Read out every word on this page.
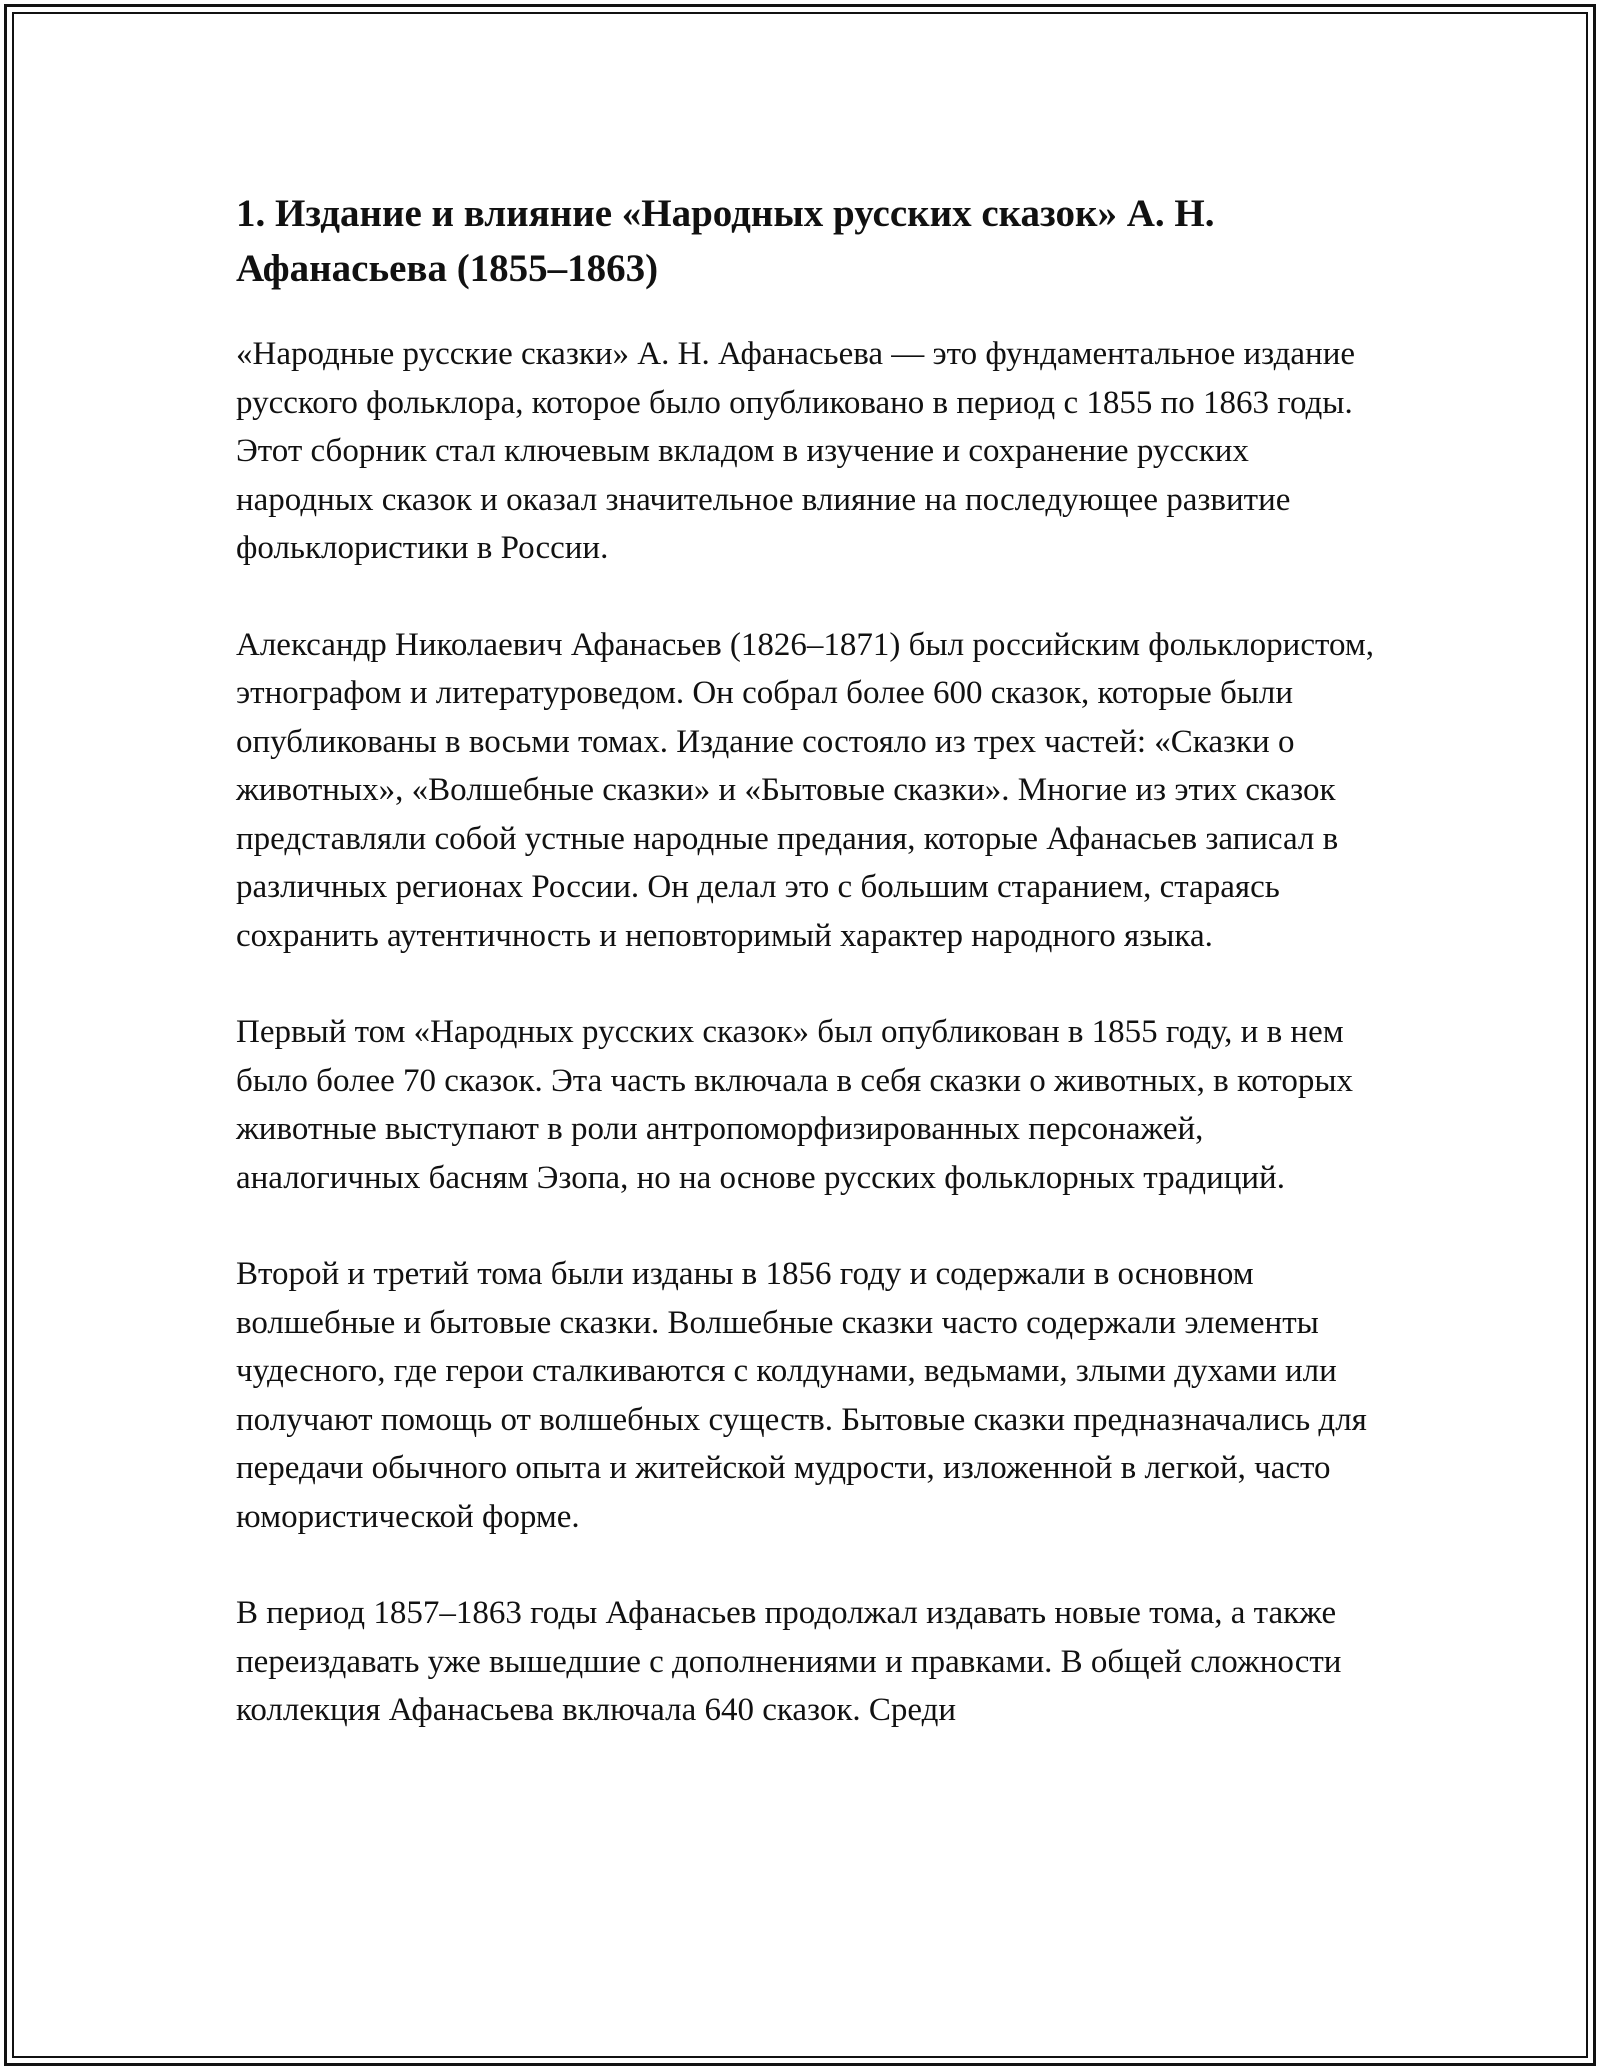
1. Издание и влияние «Народных русских сказок» А. Н. Афанасьева (1855–1863)

«Народные русские сказки» А. Н. Афанасьева — это фундаментальное издание русского фольклора, которое было опубликовано в период с 1855 по 1863 годы. Этот сборник стал ключевым вкладом в изучение и сохранение русских народных сказок и оказал значительное влияние на последующее развитие фольклористики в России.

Александр Николаевич Афанасьев (1826–1871) был российским фольклористом, этнографом и литературоведом. Он собрал более 600 сказок, которые были опубликованы в восьми томах. Издание состояло из трех частей: «Сказки о животных», «Волшебные сказки» и «Бытовые сказки». Многие из этих сказок представляли собой устные народные предания, которые Афанасьев записал в различных регионах России. Он делал это с большим старанием, стараясь сохранить аутентичность и неповторимый характер народного языка.

Первый том «Народных русских сказок» был опубликован в 1855 году, и в нем было более 70 сказок. Эта часть включала в себя сказки о животных, в которых животные выступают в роли антропоморфизированных персонажей, аналогичных басням Эзопа, но на основе русских фольклорных традиций.

Второй и третий тома были изданы в 1856 году и содержали в основном волшебные и бытовые сказки. Волшебные сказки часто содержали элементы чудесного, где герои сталкиваются с колдунами, ведьмами, злыми духами или получают помощь от волшебных существ. Бытовые сказки предназначались для передачи обычного опыта и житейской мудрости, изложенной в легкой, часто юмористической форме.

В период 1857–1863 годы Афанасьев продолжал издавать новые тома, а также переиздавать уже вышедшие с дополнениями и правками. В общей сложности коллекция Афанасьева включала 640 сказок. Среди
